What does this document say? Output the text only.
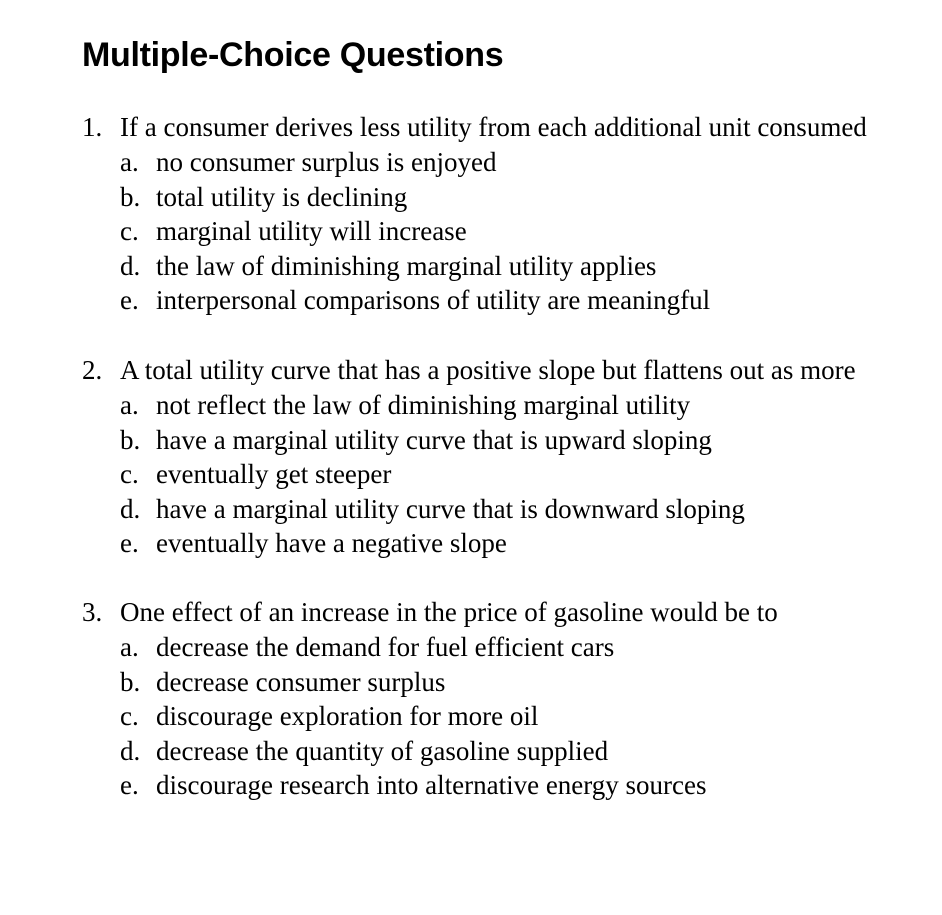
Multiple-Choice Questions
1. If a consumer derives less utility from each additional unit consumed
a. no consumer surplus is enjoyed
b. total utility is declining
c. marginal utility will increase
d. the law of diminishing marginal utility applies
e. interpersonal comparisons of utility are meaningful
2. A total utility curve that has a positive slope but flattens out as more
a. not reflect the law of diminishing marginal utility
b. have a marginal utility curve that is upward sloping
c. eventually get steeper
d. have a marginal utility curve that is downward sloping
e. eventually have a negative slope
3. One effect of an increase in the price of gasoline would be to
a. decrease the demand for fuel efficient cars
b. decrease consumer surplus
c. discourage exploration for more oil
d. decrease the quantity of gasoline supplied
e. discourage research into alternative energy sources
